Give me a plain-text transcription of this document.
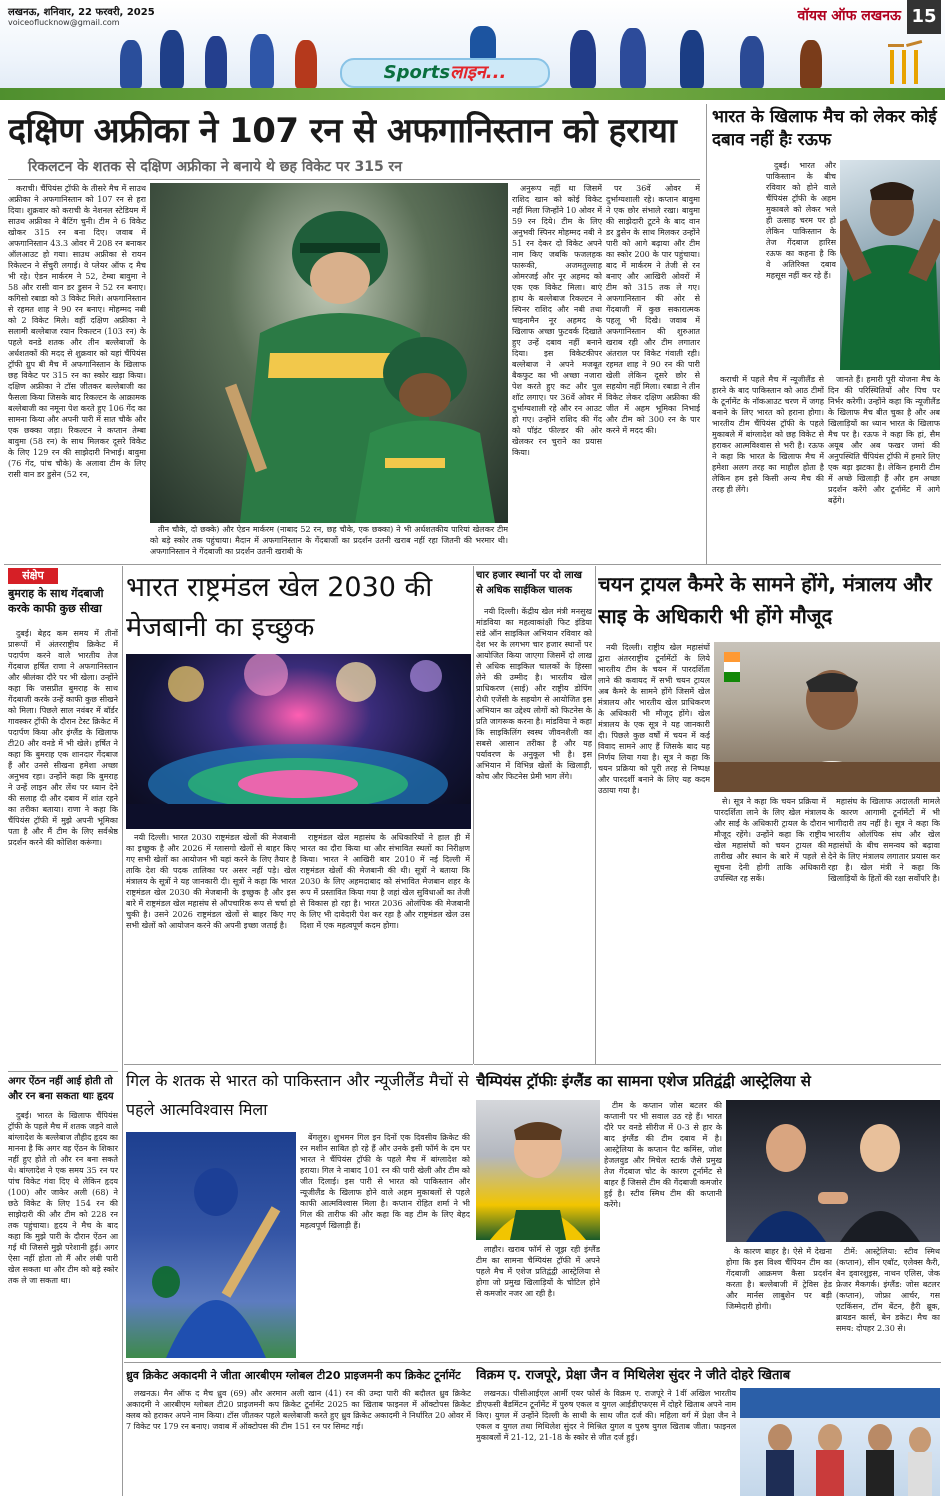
लखनऊ, शनिवार, 22 फरवरी, 2025
voiceoflucknow@gmail.com	वॉयस ऑफ लखनऊ 15
Sportsलाइन...
दक्षिण अफ्रीका ने 107 रन से अफगानिस्तान को हराया
रिकलटन के शतक से दक्षिण अफ्रीका ने बनाये थे छह विकेट पर 315 रन

कराची। चैंपियंस ट्रॉफी के तीसरे मैच में साउथ अफ्रीका ने अफगानिस्तान को 107 रन से हरा दिया। शुक्रवार को कराची के नेशनल स्टेडियम में साउथ अफ्रीका ने बैटिंग चुनी। टीम ने 6 विकेट खोकर 315 रन बना दिए। जवाब में अफगानिस्तान 43.3 ओवर में 208 रन बनाकर ऑलआउट हो गया। साउथ अफ्रीका से रायन रिकेल्टन ने सेंचुरी लगाई। वे प्लेयर ऑफ द मैच भी रहे। ऐडन मार्करम ने 52, टेम्बा बावुमा ने 58 और रासी वान डर डुसन ने 52 रन बनाए। कगिसो रबाडा को 3 विकेट मिले। अफगानिस्तान से रहमत शाह ने 90 रन बनाए। मोहम्मद नबी को 2 विकेट मिले। वहीं दक्षिण अफ्रीका ने सलामी बल्लेबाज रयान रिकल्टन (103 रन) के पहले वनडे शतक और तीन बल्लेबाजों के अर्धशतकों की मदद से शुक्रवार को यहां चैंपियंस ट्रॉफी ग्रुप बी मैच में अफगानिस्तान के खिलाफ छह विकेट पर 315 रन का स्कोर खड़ा किया। दक्षिण अफ्रीका ने टॉस जीतकर बल्लेबाजी का फैसला किया जिसके बाद रिकल्टन के आक्रामक बल्लेबाजी का नमूना पेश करते हुए 106 गेंद का सामना किया और अपनी पारी में सात चौके और एक छक्का जड़ा। रिकल्टन ने कप्तान तेम्बा बावुमा (58 रन) के साथ मिलकर दूसरे विकेट के लिए 129 रन की साझेदारी निभाई। बावुमा (76 गेंद, पांच चौके) के अलावा टीम के लिए रासी वान डर डुसेन (52 रन,

तीन चौके, दो छक्के) और ऐडन मार्करम (नाबाद 52 रन, छह चौके, एक छक्का) ने भी अर्धशतकीय पारियां खेलकर टीम को बड़े स्कोर तक पहुंचाया। मैदान में अफगानिस्तान के गेंदबाजों का प्रदर्शन उतनी खराब नहीं रहा जितनी की भरमार थी। अफगानिस्तान ने गेंदबाजी का प्रदर्शन उतनी खराबी के

अनुरूप नहीं था जिसमें राशिद खान को कोई विकेट नहीं मिला जिन्होंने 10 ओवर में 59 रन दिये। टीम के लिए अनुभवी स्पिनर मोहम्मद नबी ने 51 रन देकर दो विकेट अपने नाम किए जबकि फजलहक फारूकी, अजमतुल्लाह ओमरजई और नूर अहमद को एक एक विकेट मिला। बाएं हाथ के बल्लेबाज रिकल्टन ने स्पिनर राशिद और नबी तथा चाइनामैन नूर अहमद के खिलाफ अच्छा फुटवर्क दिखाते हुए उन्हें दबाव नहीं बनाने दिया। इस विकेटकीपर बल्लेबाज ने अपने मजबूत बैकफुट का भी अच्छा नजारा पेश करते हुए कट और पुल शॉट लगाए। पर 36वें ओवर में दुर्भाग्यशाली रहे और रन आउट हो गए। उन्होंने राशिद की गेंद को पॉइंट फील्डर की ओर खेलकर रन चुराने का प्रयास किया।

पर 36वें ओवर में दुर्भाग्यशाली रहे। कप्तान बावुमा ने एक छोर संभाले रखा। बावुमा की साझेदारी टूटने के बाद वान डर डुसेन के साथ मिलकर उन्होंने पारी को आगे बढ़ाया और टीम का स्कोर 200 के पार पहुंचाया। बाद में मार्करम ने तेजी से रन बनाए और आखिरी ओवरों में टीम को 315 तक ले गए। अफगानिस्तान की ओर से गेंदबाजी में कुछ सकारात्मक पहलू भी दिखे। जवाब में अफगानिस्तान की शुरुआत खराब रही और टीम लगातार अंतराल पर विकेट गंवाती रही। रहमत शाह ने 90 रन की पारी खेली लेकिन दूसरे छोर से सहयोग नहीं मिला। रबाडा ने तीन विकेट लेकर दक्षिण अफ्रीका की जीत में अहम भूमिका निभाई और टीम को 300 रन के पार करने में मदद की।

भारत के खिलाफ मैच को लेकर कोई दबाव नहीं हैः रऊफ

दुबई। भारत और पाकिस्तान के बीच रविवार को होने वाले चैंपियंस ट्रॉफी के अहम मुकाबले को लेकर भले ही उत्साह चरम पर हो लेकिन पाकिस्तान के तेज गेंदबाज हारिस रऊफ का कहना है कि वे अतिरिक्त दबाव महसूस नहीं कर रहे हैं।

कराची में पहले मैच में न्यूजीलैंड से हारने के बाद पाकिस्तान को आठ टीमों के टूर्नामेंट के नॉकआउट चरण में जगह बनाने के लिए भारत को हराना होगा। भारतीय टीम चैंपियंस ट्रॉफी के पहले मुकाबले में बांग्लादेश को छह विकेट से हराकर आत्मविश्वास से भरी है। रऊफ ने कहा कि भारत के खिलाफ मैच में हमेशा अलग तरह का माहौल होता है लेकिन हम इसे किसी अन्य मैच की तरह ही लेंगे।

जानते हैं। हमारी पूरी योजना मैच के दिन की परिस्थितियों और पिच पर निर्भर करेगी। उन्होंने कहा कि न्यूजीलैंड के खिलाफ मैच बीत चुका है और अब खिलाड़ियों का ध्यान भारत के खिलाफ मैच पर है। रऊफ ने कहा कि हां, सैम अयूब और अब फखर जमां की अनुपस्थिति चैंपियंस ट्रॉफी में हमारे लिए एक बड़ा झटका है। लेकिन हमारी टीम में अच्छे खिलाड़ी हैं और हम अच्छा प्रदर्शन करेंगे और टूर्नामेंट में आगे बढ़ेंगे।

संक्षेप
बुमराह के साथ गेंदबाजी करके काफी कुछ सीखा

दुबई। बेहद कम समय में तीनों प्रारूपों में अंतरराष्ट्रीय क्रिकेट में पदार्पण करने वाले भारतीय तेज गेंदबाज हर्षित राणा ने अफगानिस्तान और श्रीलंका दौरे पर भी खेला। उन्होंने कहा कि जसप्रीत बुमराह के साथ गेंदबाजी करके उन्हें काफी कुछ सीखने को मिला। पिछले साल नवंबर में बॉर्डर गावस्कर ट्रॉफी के दौरान टेस्ट क्रिकेट में पदार्पण किया और इंग्लैंड के खिलाफ टी20 और वनडे में भी खेले। हर्षित ने कहा कि बुमराह एक शानदार गेंदबाज हैं और उनसे सीखना हमेशा अच्छा अनुभव रहा। उन्होंने कहा कि बुमराह ने उन्हें लाइन और लेंथ पर ध्यान देने की सलाह दी और दबाव में शांत रहने का तरीका बताया। राणा ने कहा कि चैंपियंस ट्रॉफी में मुझे अपनी भूमिका पता है और मैं टीम के लिए सर्वश्रेष्ठ प्रदर्शन करने की कोशिश करूंगा।

अगर ऐंठन नहीं आई होती तो और रन बना सकता थाः हृदय

दुबई। भारत के खिलाफ चैंपियंस ट्रॉफी के पहले मैच में शतक जड़ने वाले बांग्लादेश के बल्लेबाज तौहीद हृदय का मानना है कि अगर वह ऐंठन के शिकार नहीं हुए होते तो और रन बना सकते थे। बांग्लादेश ने एक समय 35 रन पर पांच विकेट गंवा दिए थे लेकिन हृदय (100) और जाकेर अली (68) ने छठे विकेट के लिए 154 रन की साझेदारी की और टीम को 228 रन तक पहुंचाया। हृदय ने मैच के बाद कहा कि मुझे पारी के दौरान ऐंठन आ गई थी जिससे मुझे परेशानी हुई। अगर ऐसा नहीं होता तो मैं और लंबी पारी खेल सकता था और टीम को बड़े स्कोर तक ले जा सकता था।

भारत राष्ट्रमंडल खेल 2030 की मेजबानी का इच्छुक

नयी दिल्ली। भारत 2030 राष्ट्रमंडल खेलों की मेजबानी का इच्छुक है और 2026 में ग्लासगो खेलों से बाहर किए गए सभी खेलों का आयोजन भी यहां करने के लिए तैयार है ताकि देश की पदक तालिका पर असर नहीं पड़े। खेल मंत्रालय के सूत्रों ने यह जानकारी दी। सूत्रों ने कहा कि भारत राष्ट्रमंडल खेल 2030 की मेजबानी के इच्छुक है और इस बारे में राष्ट्रमंडल खेल महासंघ से औपचारिक रूप से चर्चा हो चुकी है। उसने 2026 राष्ट्रमंडल खेलों से बाहर किए गए सभी खेलों को आयोजन करने की अपनी इच्छा जताई है।

राष्ट्रमंडल खेल महासंघ के अधिकारियों ने हाल ही में भारत का दौरा किया था और संभावित स्थलों का निरीक्षण किया। भारत ने आखिरी बार 2010 में नई दिल्ली में राष्ट्रमंडल खेलों की मेजबानी की थी। सूत्रों ने बताया कि 2030 के लिए अहमदाबाद को संभावित मेजबान शहर के रूप में प्रस्तावित किया गया है जहां खेल सुविधाओं का तेजी से विकास हो रहा है। भारत 2036 ओलंपिक की मेजबानी के लिए भी दावेदारी पेश कर रहा है और राष्ट्रमंडल खेल उस दिशा में एक महत्वपूर्ण कदम होगा।

चार हजार स्थानों पर दो लाख से अधिक साईकिल चालक

नयी दिल्ली। केंद्रीय खेल मंत्री मनसुख मांडविया का महत्वाकांक्षी फिट इंडिया संडे ऑन साइकिल अभियान रविवार को देश भर के लगभग चार हजार स्थानों पर आयोजित किया जाएगा जिसमें दो लाख से अधिक साइकिल चालकों के हिस्सा लेने की उम्मीद है। भारतीय खेल प्राधिकरण (साई) और राष्ट्रीय डोपिंग रोधी एजेंसी के सहयोग से आयोजित इस अभियान का उद्देश्य लोगों को फिटनेस के प्रति जागरूक करना है। मांडविया ने कहा कि साइकिलिंग स्वस्थ जीवनशैली का सबसे आसान तरीका है और यह पर्यावरण के अनुकूल भी है। इस अभियान में विभिन्न खेलों के खिलाड़ी, कोच और फिटनेस प्रेमी भाग लेंगे।

चयन ट्रायल कैमरे के सामने होंगे, मंत्रालय और साइ के अधिकारी भी होंगे मौजूद

नयी दिल्ली। राष्ट्रीय खेल महासंघों द्वारा अंतरराष्ट्रीय टूर्नामेंटों के लिये भारतीय टीम के चयन में पारदर्शिता लाने की कवायद में सभी चयन ट्रायल अब कैमरे के सामने होंगे जिसमें खेल मंत्रालय और भारतीय खेल प्राधिकरण के अधिकारी भी मौजूद होंगे। खेल मंत्रालय के एक सूत्र ने यह जानकारी दी। पिछले कुछ वर्षों में चयन में कई विवाद सामने आए हैं जिसके बाद यह निर्णय लिया गया है। सूत्र ने कहा कि चयन प्रक्रिया को पूरी तरह से निष्पक्ष और पारदर्शी बनाने के लिए यह कदम उठाया गया है।

से। सूत्र ने कहा कि चयन प्रक्रिया में पारदर्शिता लाने के लिए खेल मंत्रालय और साई के अधिकारी ट्रायल के दौरान मौजूद रहेंगे। उन्होंने कहा कि राष्ट्रीय खेल महासंघों को चयन ट्रायल की तारीख और स्थान के बारे में पहले से सूचना देनी होगी ताकि अधिकारी उपस्थित रह सकें।

महासंघ के खिलाफ अदालती मामले के कारण आगामी टूर्नामेंटों में भी भागीदारी तय नहीं है। सूत्र ने कहा कि भारतीय ओलंपिक संघ और खेल महासंघों के बीच समन्वय को बढ़ावा देने के लिए मंत्रालय लगातार प्रयास कर रहा है। खेल मंत्री ने कहा कि खिलाड़ियों के हितों की रक्षा सर्वोपरि है।

चैम्पियंस ट्रॉफीः इंग्लैंड का सामना एशेज प्रतिद्वंद्वी आस्ट्रेलिया से

लाहौर। खराब फॉर्म से जूझ रही इंग्लैंड टीम का सामना चैम्पियंस ट्रॉफी में अपने पहले मैच में एशेज प्रतिद्वंद्वी आस्ट्रेलिया से होगा जो प्रमुख खिलाड़ियों के चोटिल होने से कमजोर नजर आ रही है।

टीम के कप्तान जोस बटलर की कप्तानी पर भी सवाल उठ रहे हैं। भारत दौरे पर वनडे सीरीज में 0-3 से हार के बाद इंग्लैंड की टीम दबाव में है। आस्ट्रेलिया के कप्तान पैट कमिंस, जोश हेजलवुड और मिचेल स्टार्क जैसे प्रमुख तेज गेंदबाज चोट के कारण टूर्नामेंट से बाहर हैं जिससे टीम की गेंदबाजी कमजोर हुई है। स्टीव स्मिथ टीम की कप्तानी करेंगे।

के कारण बाहर है। ऐसे में देखना होगा कि इस विश्व चैंपियन टीम का गेंदबाजी आक्रमण कैसा प्रदर्शन करता है। बल्लेबाजी में ट्रेविस हेड और मार्नस लाबुशेन पर बड़ी जिम्मेदारी होगी।

टीमें: आस्ट्रेलिया: स्टीव स्मिथ (कप्तान), सीन एबॉट, एलेक्स कैरी, बेन ड्वारशुइस, नाथन एलिस, जेक फ्रेजर मैकगर्क। इंग्लैंड: जोस बटलर (कप्तान), जोफ्रा आर्चर, गस एटकिंसन, टॉम बेंटन, हैरी ब्रूक, ब्रायडन कार्स, बेन डकेट। मैच का समय: दोपहर 2.30 से।

गिल के शतक से भारत को पाकिस्तान और न्यूजीलैंड मैचों से पहले आत्मविश्वास मिला

बेंगलुरु। शुभमन गिल इन दिनों एक दिवसीय क्रिकेट की रन मशीन साबित हो रहे हैं और उनके इसी फॉर्म के दम पर भारत ने चैंपियंस ट्रॉफी के पहले मैच में बांग्लादेश को हराया। गिल ने नाबाद 101 रन की पारी खेली और टीम को जीत दिलाई। इस पारी से भारत को पाकिस्तान और न्यूजीलैंड के खिलाफ होने वाले अहम मुकाबलों से पहले काफी आत्मविश्वास मिला है। कप्तान रोहित शर्मा ने भी गिल की तारीफ की और कहा कि वह टीम के लिए बेहद महत्वपूर्ण खिलाड़ी हैं।

ध्रुव क्रिकेट अकादमी ने जीता आरबीएम ग्लोबल टी20 प्राइजमनी कप क्रिकेट टूर्नामेंट

लखनऊ। मैन ऑफ द मैच ध्रुव (69) और अरमान अली खान (41) रन की उम्दा पारी की बदौलत ध्रुव क्रिकेट अकादमी ने आरबीएम ग्लोबल टी20 प्राइजमनी कप क्रिकेट टूर्नामेंट 2025 का खिताब फाइनल में ऑक्टोपस क्रिकेट क्लब को हराकर अपने नाम किया। टॉस जीतकर पहले बल्लेबाजी करते हुए ध्रुव क्रिकेट अकादमी ने निर्धारित 20 ओवर में 7 विकेट पर 179 रन बनाए। जवाब में ऑक्टोपस की टीम 151 रन पर सिमट गई।

विक्रम ए. राजपूरे, प्रेक्षा जैन व मिथिलेश सुंदर ने जीते दोहरे खिताब

लखनऊ। पीसीआईएल आर्मी एयर फोर्स के विक्रम ए. राजपूरे ने 1वीं अखिल भारतीय डीएफसी बैडमिंटन टूर्नामेंट में पुरुष एकल व युगल आईडीएफएस में दोहरे खिताब अपने नाम किए। युगल में उन्होंने दिल्ली के साथी के साथ जीत दर्ज की। महिला वर्ग में प्रेक्षा जैन ने एकल व युगल तथा मिथिलेश सुंदर ने मिश्रित युगल व पुरुष युगल खिताब जीता। फाइनल मुकाबलों में 21-12, 21-18 के स्कोर से जीत दर्ज हुई।
